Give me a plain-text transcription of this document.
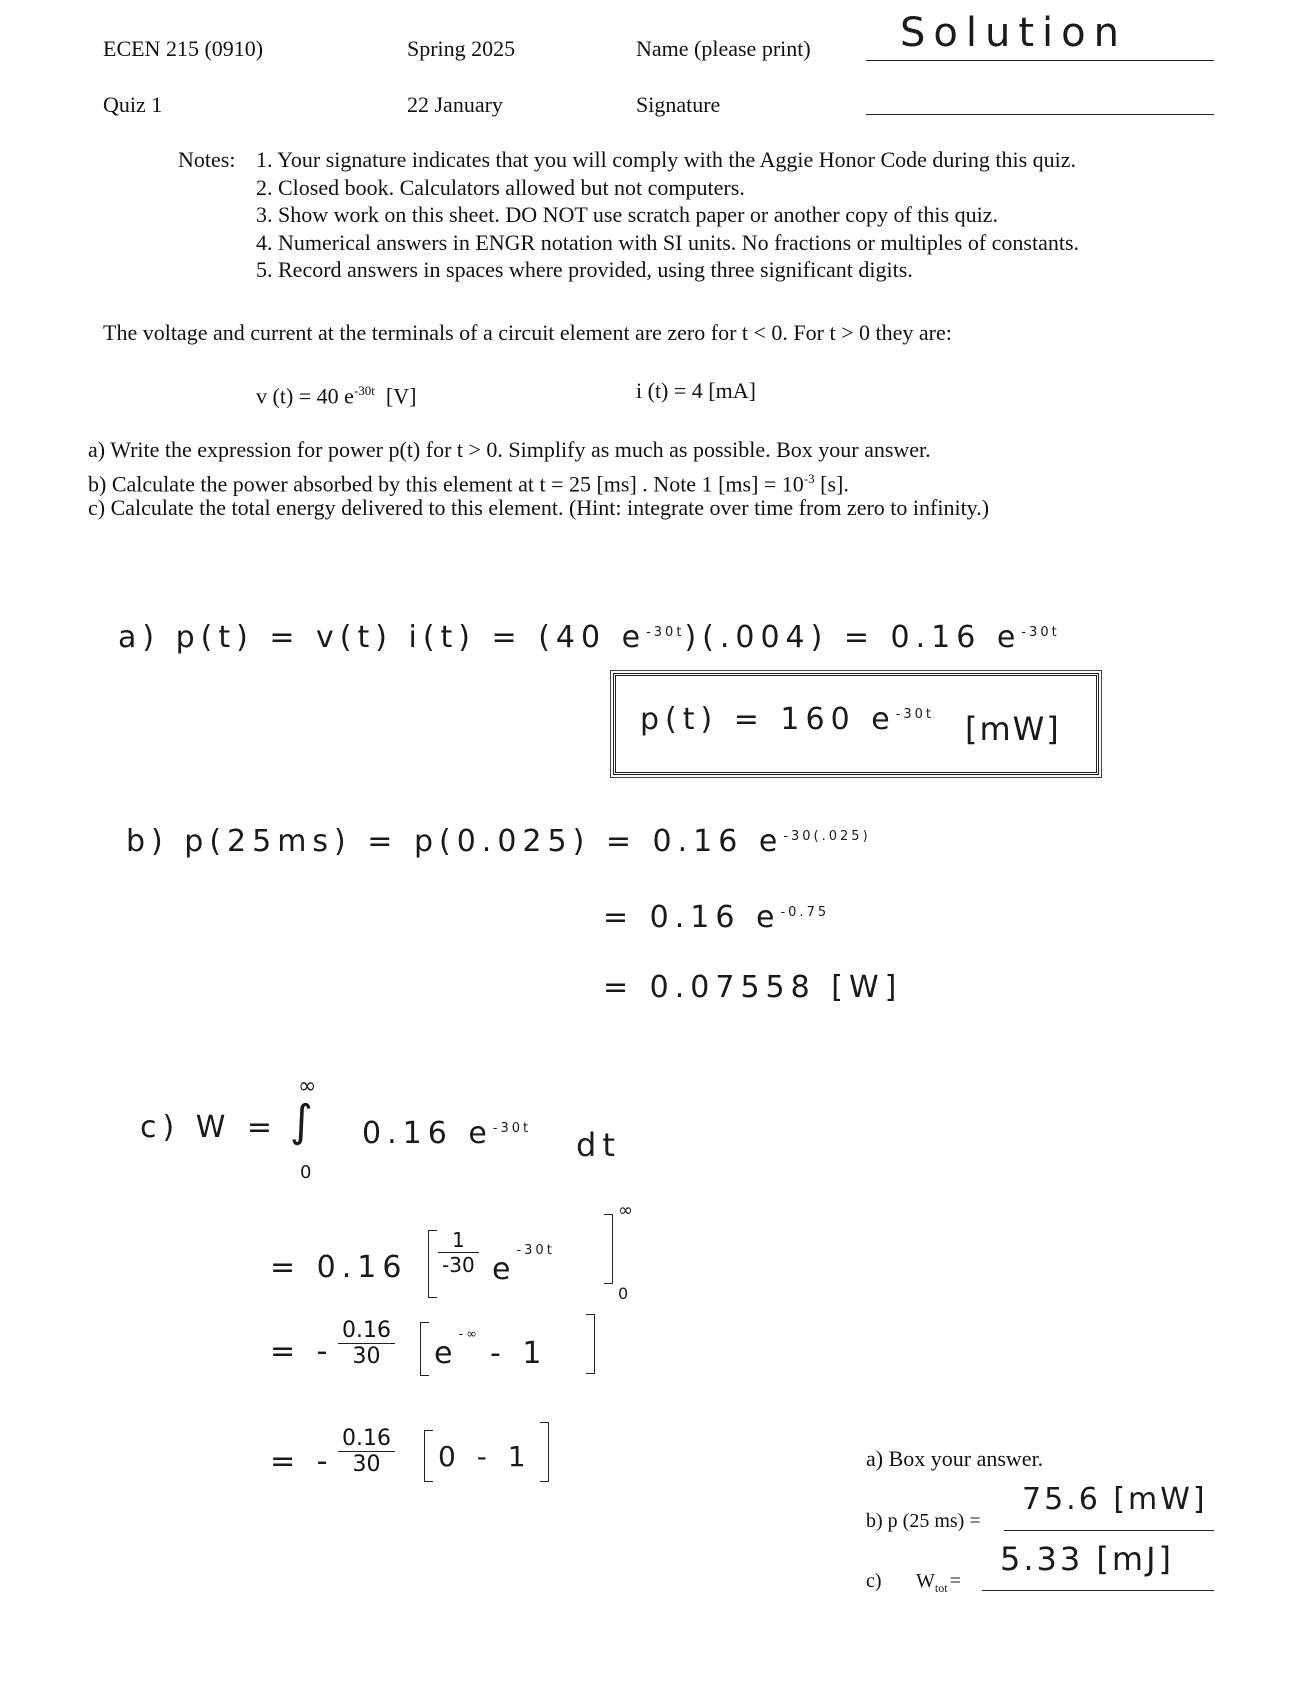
ECEN 215 (0910)	Spring 2025	Name (please print) Solution
Quiz 1	22 January	Signature
Notes: 1. Your signature indicates that you will comply with the Aggie Honor Code during this quiz.
2. Closed book. Calculators allowed but not computers.
3. Show work on this sheet. DO NOT use scratch paper or another copy of this quiz.
4. Numerical answers in ENGR notation with SI units. No fractions or multiples of constants.
5. Record answers in spaces where provided, using three significant digits.
The voltage and current at the terminals of a circuit element are zero for t < 0. For t > 0 they are:
v (t) = 40 $e^{-30t}$ [V]	i (t) = 4 [mA]
a) Write the expression for power p(t) for t > 0. Simplify as much as possible. Box your answer.
b) Calculate the power absorbed by this element at t = 25 [ms] . Note 1 $[ms] = 10^{-3}$ [s].
c) Calculate the total energy delivered to this element. (Hint: integrate over time from zero to infinity.)
a) p(t) = v(t) i(t) = (40 $e^{-30t})(.004) = 0.16$ $e^{-30t}$
p(t) = 160 $e^{-30t}$ [mW]
b) p(25ms) = p(0.025) = 0.16 $e^{-30(.025)}$
= 0.16 $e^{-0.75}$
= 0.07558 [W]
c) W = ∫
∞
0
0.16 $e^{-30t}$ dt
= $0.16 \frac{1}{-30} e^{-30t}$
∞
0
= - $\frac{0.16}{30} e^{-\infty}-$ 1
= - $\frac{0.16}{30} 0 - 1$	a) Box your answer.
b) p (25 ms) =
75.6 [mW]
c) $W_{tot}$ =
5.33 [mJ]
